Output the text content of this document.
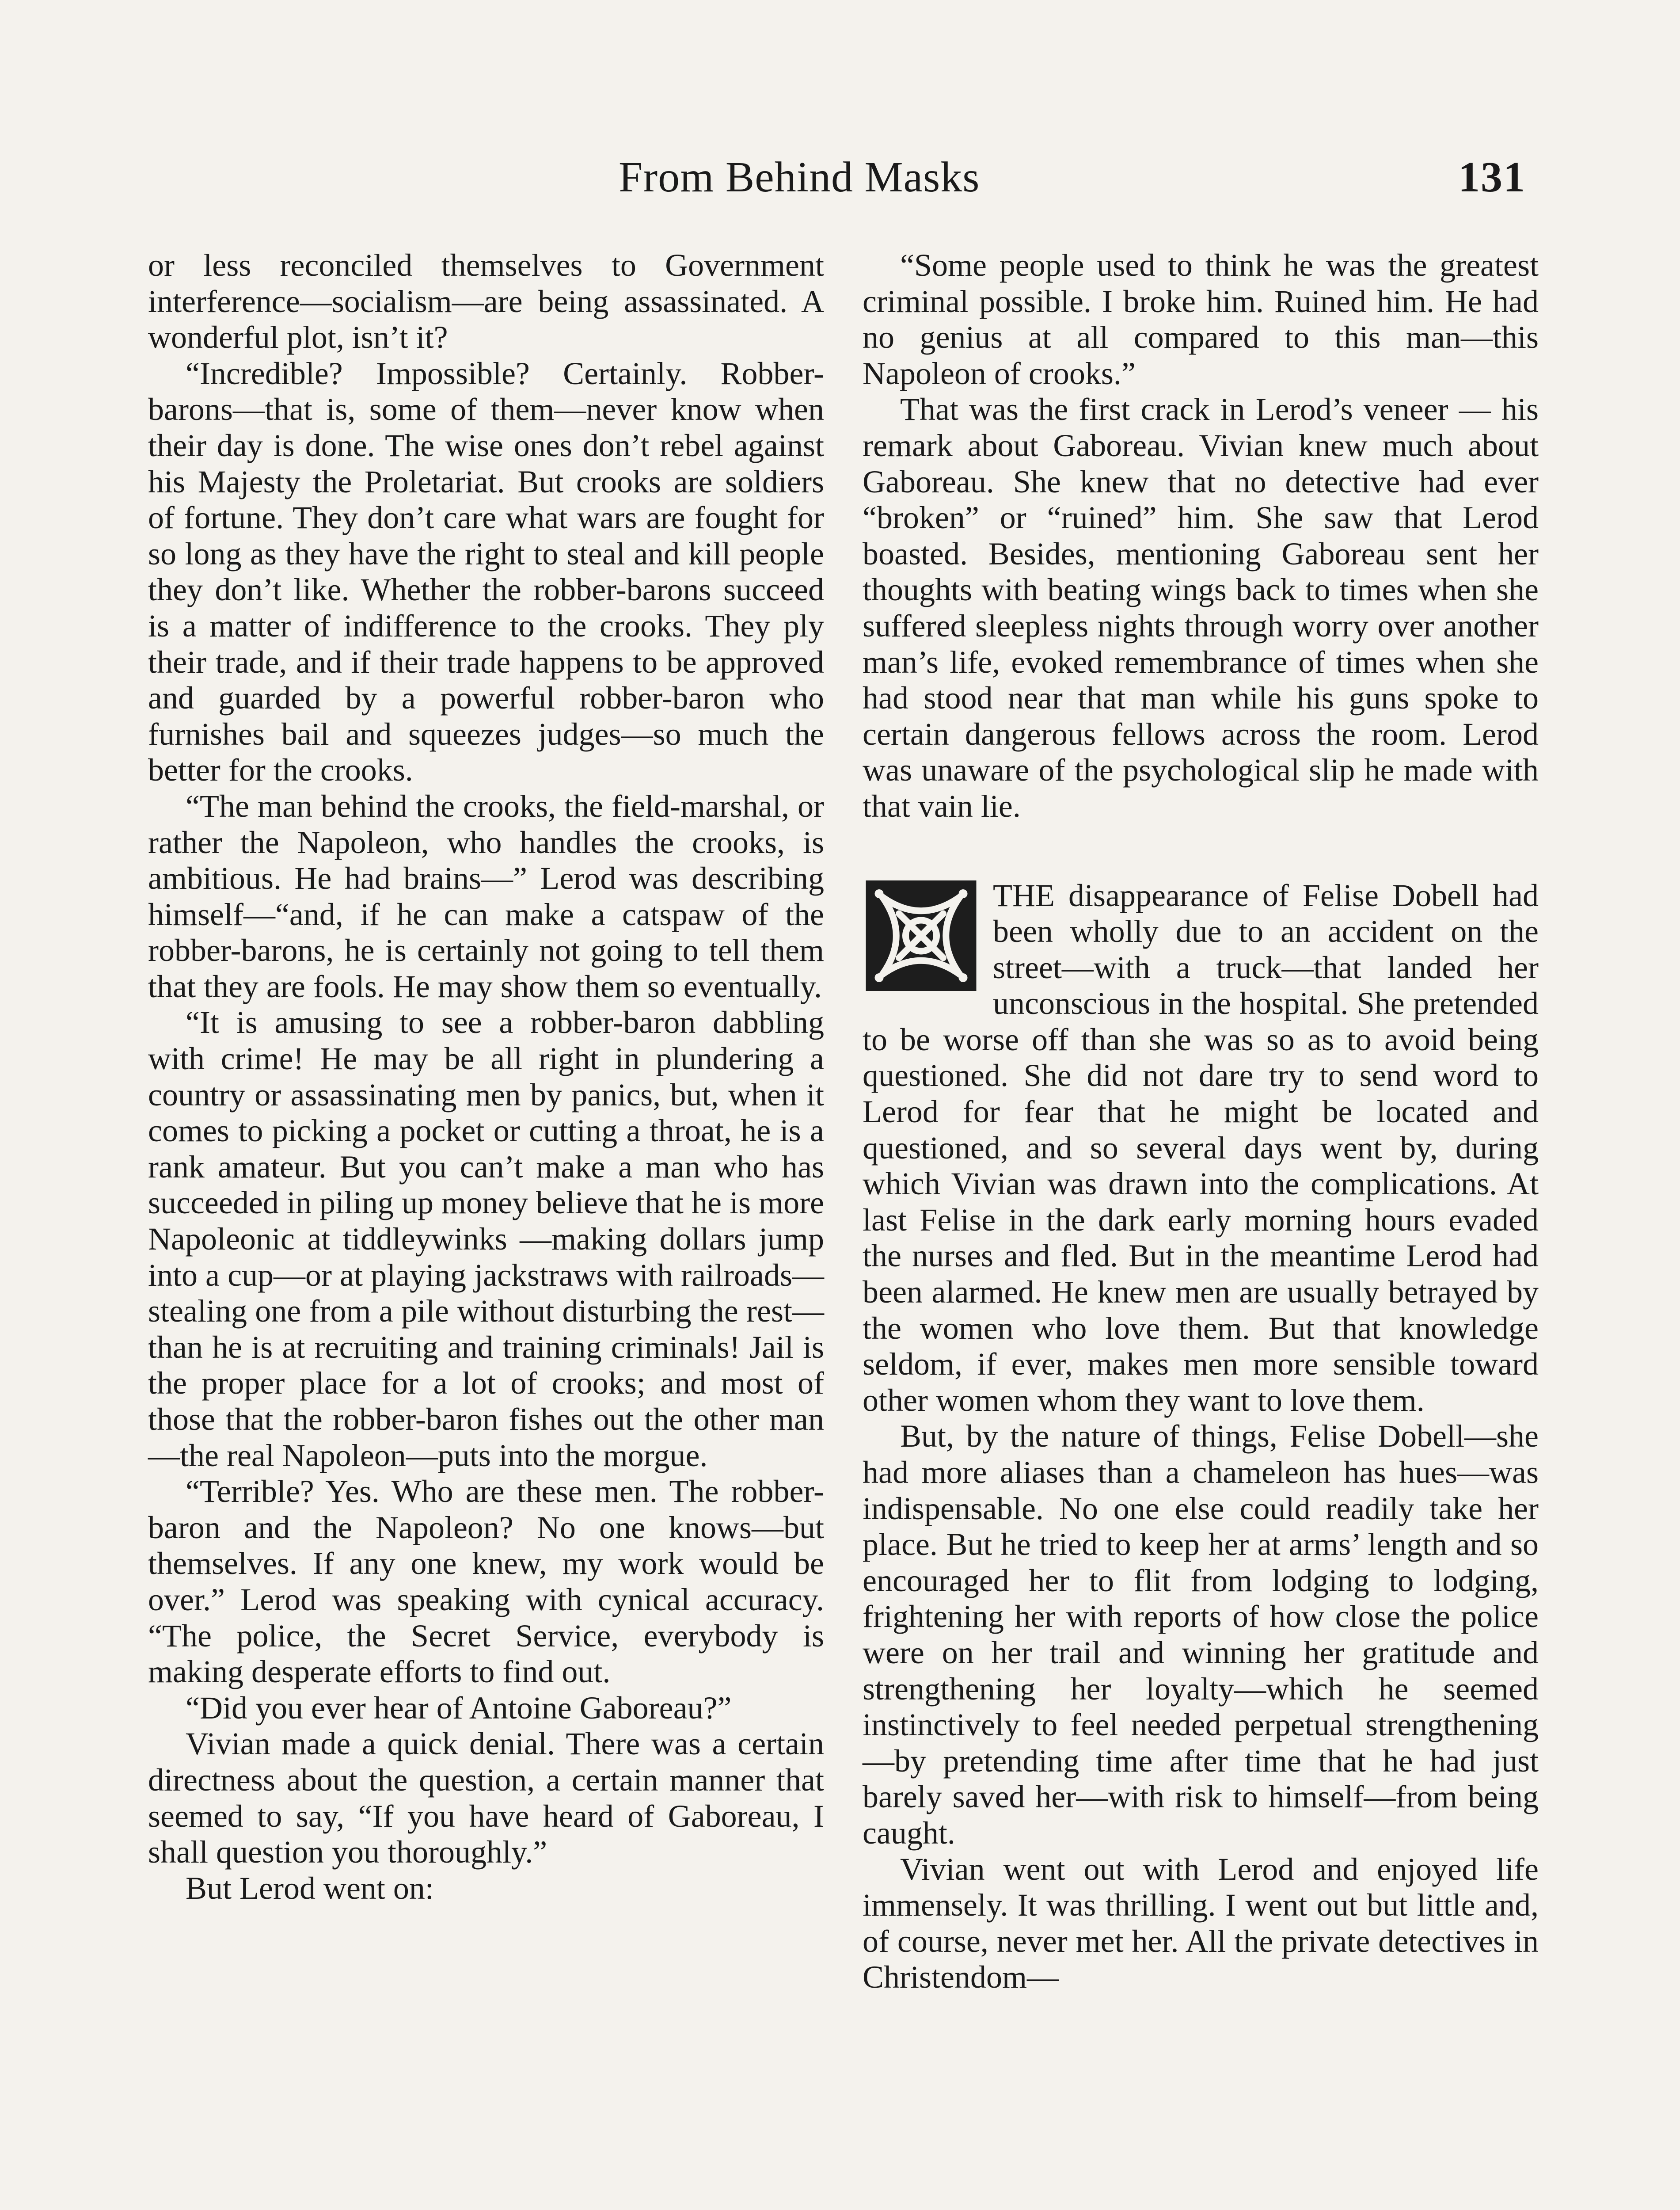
From Behind Masks	131

or less reconciled themselves to Government interference—socialism—are being assassinated. A wonderful plot, isn’t it?

“Incredible? Impossible? Certainly. Robber-barons—that is, some of them—never know when their day is done. The wise ones don’t rebel against his Majesty the Proletariat. But crooks are soldiers of fortune. They don’t care what wars are fought for so long as they have the right to steal and kill people they don’t like. Whether the robber-barons succeed is a matter of indifference to the crooks. They ply their trade, and if their trade happens to be approved and guarded by a powerful robber-baron who furnishes bail and squeezes judges—so much the better for the crooks.

“The man behind the crooks, the field-marshal, or rather the Napoleon, who handles the crooks, is ambitious. He had brains—” Lerod was describing himself—“and, if he can make a catspaw of the robber-barons, he is certainly not going to tell them that they are fools. He may show them so eventually.

“It is amusing to see a robber-baron dabbling with crime! He may be all right in plundering a country or assassinating men by panics, but, when it comes to picking a pocket or cutting a throat, he is a rank amateur. But you can’t make a man who has succeeded in piling up money believe that he is more Napoleonic at tiddleywinks —making dollars jump into a cup—or at playing jackstraws with railroads—stealing one from a pile without disturbing the rest—than he is at recruiting and training criminals! Jail is the proper place for a lot of crooks; and most of those that the robber-baron fishes out the other man—the real Napoleon—puts into the morgue.

“Terrible? Yes. Who are these men. The robber-baron and the Napoleon? No one knows—but themselves. If any one knew, my work would be over.” Lerod was speaking with cynical accuracy. “The police, the Secret Service, everybody is making desperate efforts to find out.

“Did you ever hear of Antoine Gaboreau?”

Vivian made a quick denial. There was a certain directness about the question, a certain manner that seemed to say, “If you have heard of Gaboreau, I shall question you thoroughly.”

But Lerod went on:

“Some people used to think he was the greatest criminal possible. I broke him. Ruined him. He had no genius at all compared to this man—this Napoleon of crooks.”

That was the first crack in Lerod’s veneer — his remark about Gaboreau. Vivian knew much about Gaboreau. She knew that no detective had ever “broken” or “ruined” him. She saw that Lerod boasted. Besides, mentioning Gaboreau sent her thoughts with beating wings back to times when she suffered sleepless nights through worry over another man’s life, evoked remembrance of times when she had stood near that man while his guns spoke to certain dangerous fellows across the room. Lerod was unaware of the psychological slip he made with that vain lie.

THE disappearance of Felise Dobell had been wholly due to an accident on the street—with a truck—that landed her unconscious in the hospital. She pretended to be worse off than she was so as to avoid being questioned. She did not dare try to send word to Lerod for fear that he might be located and questioned, and so several days went by, during which Vivian was drawn into the complications. At last Felise in the dark early morning hours evaded the nurses and fled. But in the meantime Lerod had been alarmed. He knew men are usually betrayed by the women who love them. But that knowledge seldom, if ever, makes men more sensible toward other women whom they want to love them.

But, by the nature of things, Felise Dobell—she had more aliases than a chameleon has hues—was indispensable. No one else could readily take her place. But he tried to keep her at arms’ length and so encouraged her to flit from lodging to lodging, frightening her with reports of how close the police were on her trail and winning her gratitude and strengthening her loyalty—which he seemed instinctively to feel needed perpetual strengthening—by pretending time after time that he had just barely saved her—with risk to himself—from being caught.

Vivian went out with Lerod and enjoyed life immensely. It was thrilling. I went out but little and, of course, never met her. All the private detectives in Christendom—
